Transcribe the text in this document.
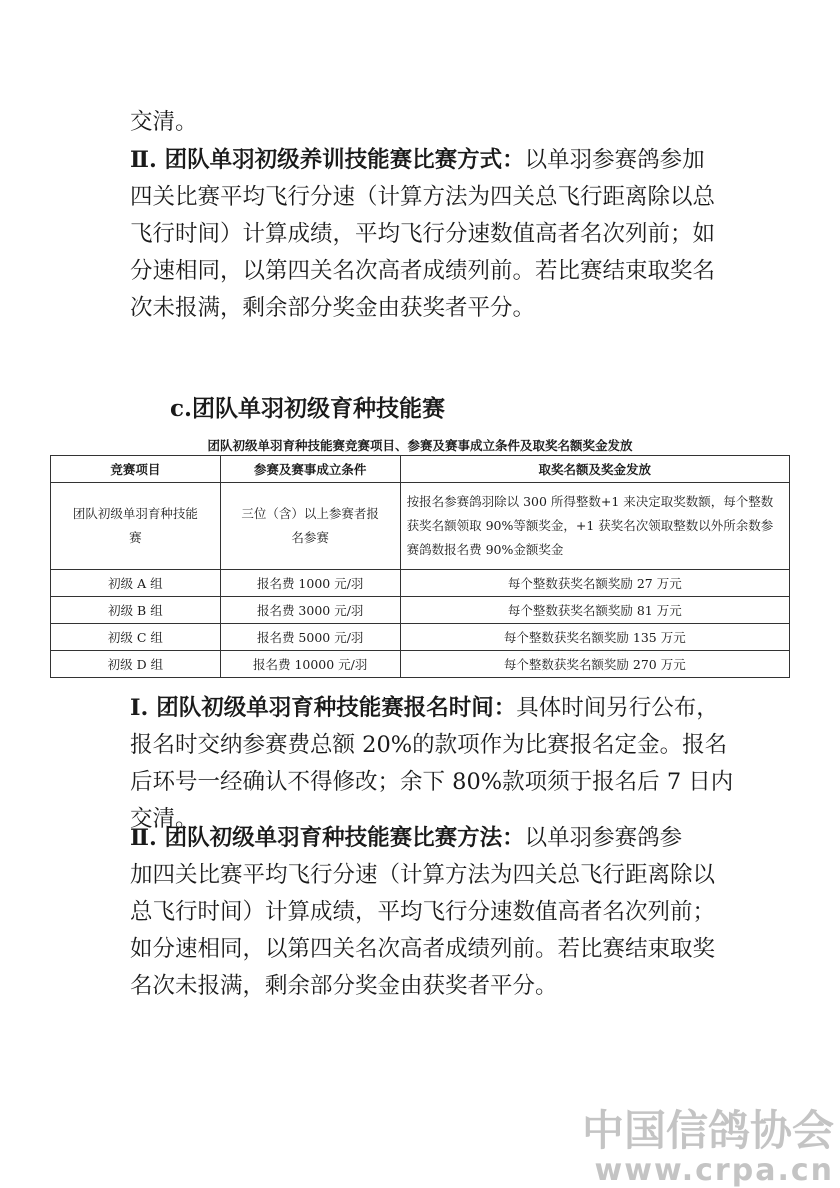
交清。

Ⅱ. 团队单羽初级养训技能赛比赛方式：以单羽参赛鸽参加
四关比赛平均飞行分速（计算方法为四关总飞行距离除以总
飞行时间）计算成绩，平均飞行分速数值高者名次列前；如
分速相同，以第四关名次高者成绩列前。若比赛结束取奖名
次未报满，剩余部分奖金由获奖者平分。

c.团队单羽初级育种技能赛
团队初级单羽育种技能赛竞赛项目、参赛及赛事成立条件及取奖名额奖金发放
竞赛项目	参赛及赛事成立条件	取奖名额及奖金发放
团队初级单羽育种技能赛	三位（含）以上参赛者报名参赛	按报名参赛鸽羽除以 300 所得整数+1 来决定取奖数额，每个整数获奖名额领取 90%等额奖金，+1 获奖名次领取整数以外所余数参赛鸽数报名费 90%金额奖金
初级 A 组	报名费 1000 元/羽	每个整数获奖名额奖励 27 万元
初级 B 组	报名费 3000 元/羽	每个整数获奖名额奖励 81 万元
初级 C 组	报名费 5000 元/羽	每个整数获奖名额奖励 135 万元
初级 D 组	报名费 10000 元/羽	每个整数获奖名额奖励 270 万元

Ⅰ. 团队初级单羽育种技能赛报名时间：具体时间另行公布，
报名时交纳参赛费总额 20%的款项作为比赛报名定金。报名
后环号一经确认不得修改；余下 80%款项须于报名后 7 日内
交清。

Ⅱ. 团队初级单羽育种技能赛比赛方法：以单羽参赛鸽参
加四关比赛平均飞行分速（计算方法为四关总飞行距离除以
总飞行时间）计算成绩，平均飞行分速数值高者名次列前；
如分速相同，以第四关名次高者成绩列前。若比赛结束取奖
名次未报满，剩余部分奖金由获奖者平分。

中国信鸽协会
www.crpa.cn
